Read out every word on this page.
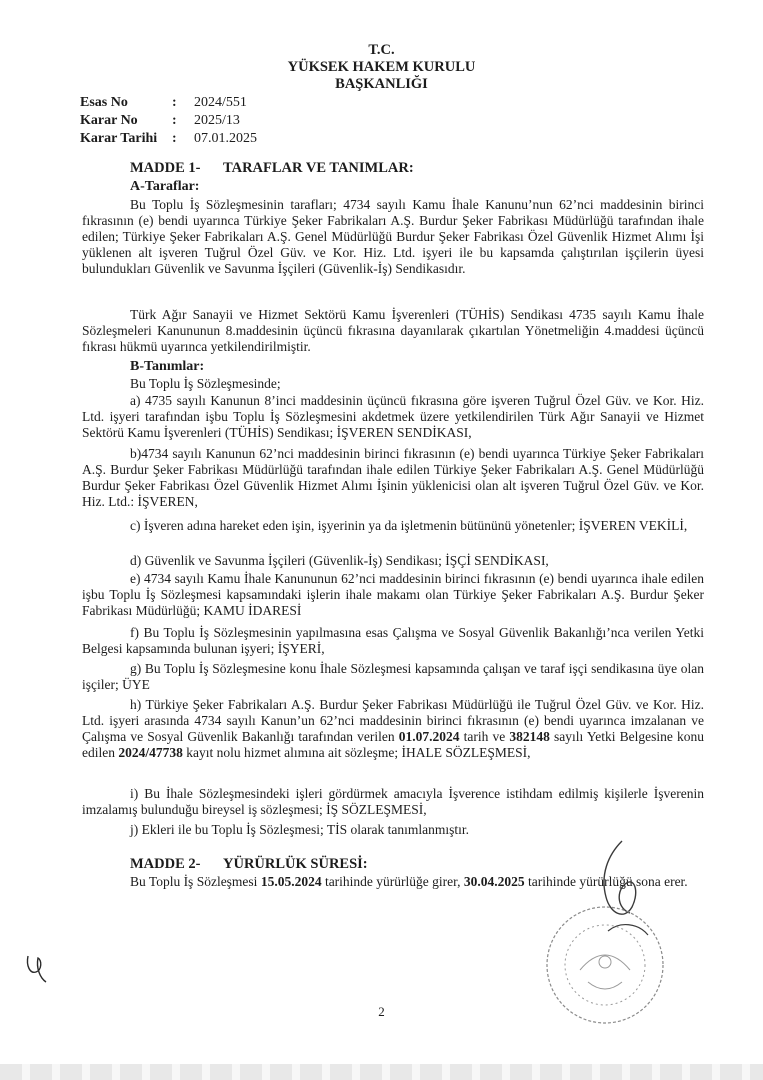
T.C.
YÜKSEK HAKEM KURULU
BAŞKANLIĞI
Esas No	: 2024/551
Karar No : 2025/13
Karar Tarihi : 07.01.2025
MADDE 1- TARAFLAR VE TANIMLAR:
A-Taraflar:
Bu Toplu İş Sözleşmesinin tarafları; 4734 sayılı Kamu İhale Kanunu’nun 62’nci maddesinin birinci fıkrasının (e) bendi uyarınca Türkiye Şeker Fabrikaları A.Ş. Burdur Şeker Fabrikası Müdürlüğü tarafından ihale edilen; Türkiye Şeker Fabrikaları A.Ş. Genel Müdürlüğü Burdur Şeker Fabrikası Özel Güvenlik Hizmet Alımı İşi yüklenen alt işveren Tuğrul Özel Güv. ve Kor. Hiz. Ltd. işyeri ile bu kapsamda çalıştırılan işçilerin üyesi bulundukları Güvenlik ve Savunma İşçileri (Güvenlik-İş) Sendikasıdır.
Türk Ağır Sanayii ve Hizmet Sektörü Kamu İşverenleri (TÜHİS) Sendikası 4735 sayılı Kamu İhale Sözleşmeleri Kanununun 8.maddesinin üçüncü fıkrasına dayanılarak çıkartılan Yönetmeliğin 4.maddesi üçüncü fıkrası hükmü uyarınca yetkilendirilmiştir.
B-Tanımlar:
Bu Toplu İş Sözleşmesinde;
a) 4735 sayılı Kanunun 8’inci maddesinin üçüncü fıkrasına göre işveren Tuğrul Özel Güv. ve Kor. Hiz. Ltd. işyeri tarafından işbu Toplu İş Sözleşmesini akdetmek üzere yetkilendirilen Türk Ağır Sanayii ve Hizmet Sektörü Kamu İşverenleri (TÜHİS) Sendikası; İŞVEREN SENDİKASI,
b)4734 sayılı Kanunun 62’nci maddesinin birinci fıkrasının (e) bendi uyarınca Türkiye Şeker Fabrikaları A.Ş. Burdur Şeker Fabrikası Müdürlüğü tarafından ihale edilen Türkiye Şeker Fabrikaları A.Ş. Genel Müdürlüğü Burdur Şeker Fabrikası Özel Güvenlik Hizmet Alımı İşinin yüklenicisi olan alt işveren Tuğrul Özel Güv. ve Kor. Hiz. Ltd.: İŞVEREN,
c) İşveren adına hareket eden işin, işyerinin ya da işletmenin bütününü yönetenler; İŞVEREN VEKİLİ,
d) Güvenlik ve Savunma İşçileri (Güvenlik-İş) Sendikası; İŞÇİ SENDİKASI,
e) 4734 sayılı Kamu İhale Kanununun 62’nci maddesinin birinci fıkrasının (e) bendi uyarınca ihale edilen işbu Toplu İş Sözleşmesi kapsamındaki işlerin ihale makamı olan Türkiye Şeker Fabrikaları A.Ş. Burdur Şeker Fabrikası Müdürlüğü; KAMU İDARESİ
f) Bu Toplu İş Sözleşmesinin yapılmasına esas Çalışma ve Sosyal Güvenlik Bakanlığı’nca verilen Yetki Belgesi kapsamında bulunan işyeri; İŞYERİ,
g) Bu Toplu İş Sözleşmesine konu İhale Sözleşmesi kapsamında çalışan ve taraf işçi sendikasına üye olan işçiler; ÜYE
h) Türkiye Şeker Fabrikaları A.Ş. Burdur Şeker Fabrikası Müdürlüğü ile Tuğrul Özel Güv. ve Kor. Hiz. Ltd. işyeri arasında 4734 sayılı Kanun’un 62’nci maddesinin birinci fıkrasının (e) bendi uyarınca imzalanan ve Çalışma ve Sosyal Güvenlik Bakanlığı tarafından verilen 01.07.2024 tarih ve 382148 sayılı Yetki Belgesine konu edilen 2024/47738 kayıt nolu hizmet alımına ait sözleşme; İHALE SÖZLEŞMESİ,
i) Bu İhale Sözleşmesindeki işleri gördürmek amacıyla İşverence istihdam edilmiş kişilerle İşverenin imzalamış bulunduğu bireysel iş sözleşmesi; İŞ SÖZLEŞMESİ,
j) Ekleri ile bu Toplu İş Sözleşmesi; TİS olarak tanımlanmıştır.
MADDE 2- YÜRÜRLÜK SÜRESİ:
Bu Toplu İş Sözleşmesi 15.05.2024 tarihinde yürürlüğe girer, 30.04.2025 tarihinde yürürlüğü sona erer.
2
